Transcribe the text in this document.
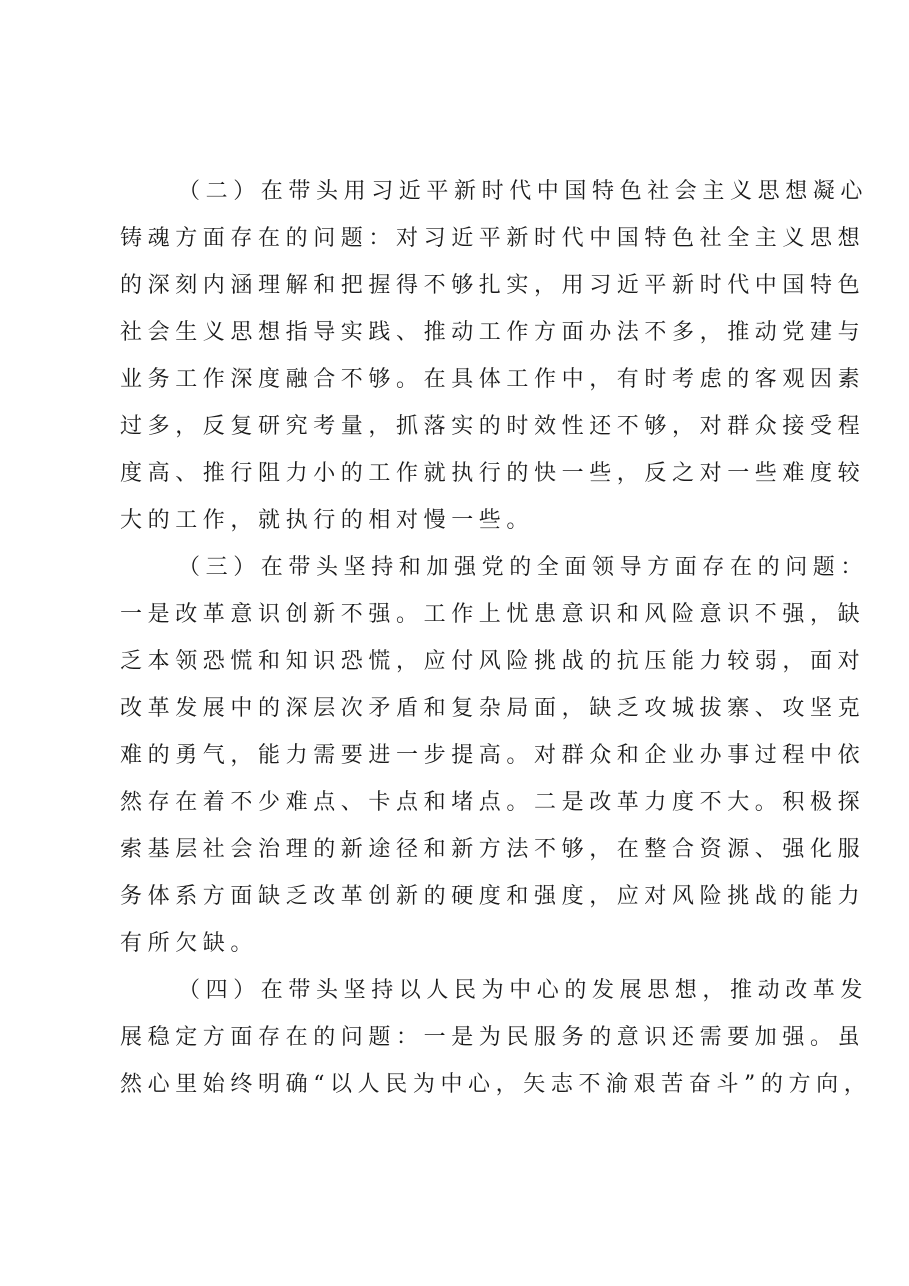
（二）在带头用习近平新时代中国特色社会主义思想凝心
铸魂方面存在的问题：对习近平新时代中国特色社全主义思想
的深刻内涵理解和把握得不够扎实，用习近平新时代中国特色
社会生义思想指导实践、推动工作方面办法不多，推动党建与
业务工作深度融合不够。在具体工作中，有时考虑的客观因素
过多，反复研究考量，抓落实的时效性还不够，对群众接受程
度高、推行阻力小的工作就执行的快一些，反之对一些难度较
大的工作，就执行的相对慢一些。
（三）在带头坚持和加强党的全面领导方面存在的问题：
一是改革意识创新不强。工作上忧患意识和风险意识不强，缺
乏本领恐慌和知识恐慌，应付风险挑战的抗压能力较弱，面对
改革发展中的深层次矛盾和复杂局面，缺乏攻城拔寨、攻坚克
难的勇气，能力需要进一步提高。对群众和企业办事过程中依
然存在着不少难点、卡点和堵点。二是改革力度不大。积极探
索基层社会治理的新途径和新方法不够，在整合资源、强化服
务体系方面缺乏改革创新的硬度和强度，应对风险挑战的能力
有所欠缺。
（四）在带头坚持以人民为中心的发展思想，推动改革发
展稳定方面存在的问题：一是为民服务的意识还需要加强。虽
然心里始终明确“以人民为中心，矢志不渝艰苦奋斗”的方向，
